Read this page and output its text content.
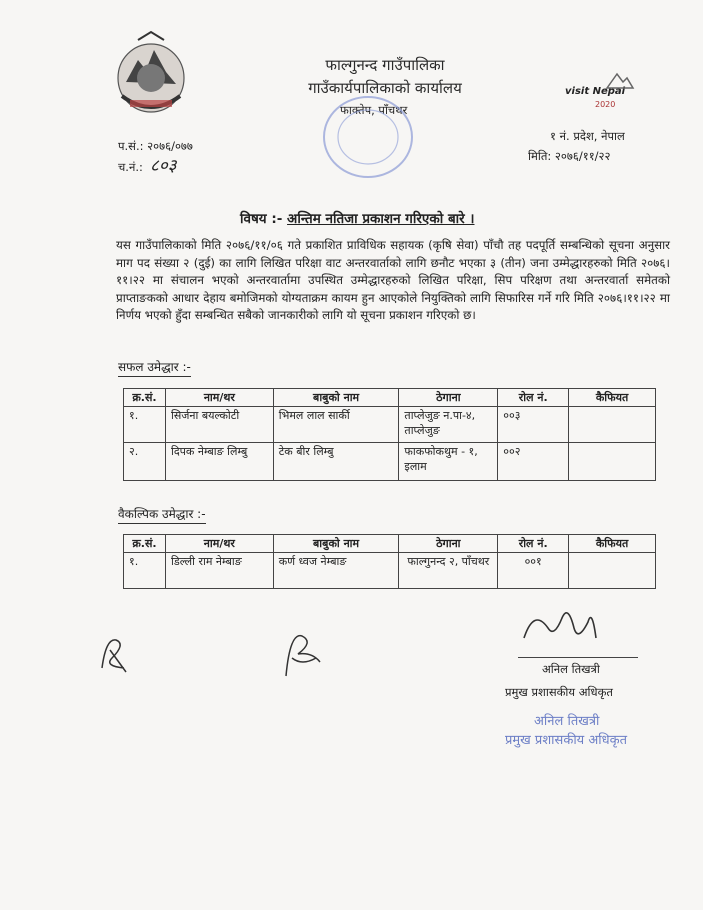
फाल्गुनन्द गाउँपालिका
गाउँकार्यपालिकाको कार्यालय
फाक्तेप, पाँचथर
visit Nepal
2020
प.सं.: २०७६/०७७
च.नं.: ८०३
१ नं. प्रदेश, नेपाल
मिति: २०७६/११/२२
विषय :- अन्तिम नतिजा प्रकाशन गरिएको बारे ।
यस गाउँपालिकाको मिति २०७६/११/०६ गते प्रकाशित प्राविधिक सहायक (कृषि सेवा) पाँचौ तह पदपूर्ति सम्बन्धिको सूचना अनुसार माग पद संख्या २ (दुई) का लागि लिखित परिक्षा वाट अन्तरवार्ताको लागि छनौट भएका ३ (तीन) जना उम्मेद्धारहरुको मिति २०७६।११।२२ मा संचालन भएको अन्तरवार्तामा उपस्थित उम्मेद्धारहरुको लिखित परिक्षा, सिप परिक्षण तथा अन्तरवार्ता समेतको प्राप्ताङकको आधार देहाय बमोजिमको योग्यताक्रम कायम हुन आएकोले नियुक्तिको लागि सिफारिस गर्ने गरि मिति २०७६।११।२२ मा निर्णय भएको हुँदा सम्बन्धित सबैको जानकारीको लागि यो सूचना प्रकाशन गरिएको छ।
सफल उमेद्धार :-
क्र.सं.	नाम/थर	बाबुको नाम	ठेगाना	रोल नं.	कैफियत
१.	सिर्जना बयल्कोटी	भिमल लाल सार्की	ताप्लेजुङ न.पा-४, ताप्लेजुङ	००३	
२.	दिपक नेम्बाङ लिम्बु	टेक बीर लिम्बु	फाकफोकथुम - १, इलाम	००२	
वैकल्पिक उमेद्धार :-
क्र.सं.	नाम/थर	बाबुको नाम	ठेगाना	रोल नं.	कैफियत
१.	डिल्ली राम नेम्बाङ	कर्ण ध्वज नेम्बाङ	फाल्गुनन्द २, पाँचथर	००१	
अनिल तिखत्री
प्रमुख प्रशासकीय अधिकृत
अनिल तिखत्री
प्रमुख प्रशासकीय अधिकृत
